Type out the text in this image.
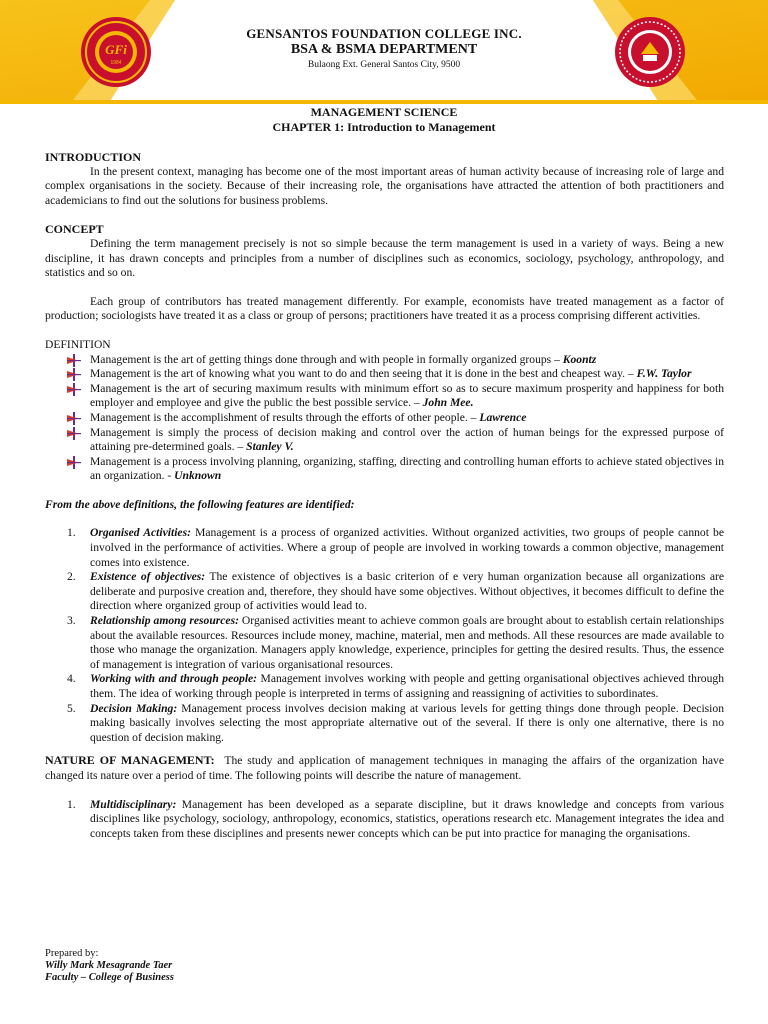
GFi
1984
GENSANTOS FOUNDATION COLLEGE INC.
BSA & BSMA DEPARTMENT
Bulaong Ext. General Santos City, 9500
MANAGEMENT SCIENCE
CHAPTER 1: Introduction to Management
INTRODUCTION

In the present context, managing has become one of the most important areas of human activity because of increasing role of large and complex organisations in the society. Because of their increasing role, the organisations have attracted the attention of both practitioners and academicians to find out the solutions for business problems.

CONCEPT

Defining the term management precisely is not so simple because the term management is used in a variety of ways. Being a new discipline, it has drawn concepts and principles from a number of disciplines such as economics, sociology, psychology, anthropology, and statistics and so on.

Each group of contributors has treated management differently. For example, economists have treated management as a factor of production; sociologists have treated it as a class or group of persons; practitioners have treated it as a process comprising different activities.

DEFINITION
Management is the art of getting things done through and with people in formally organized groups – Koontz
Management is the art of knowing what you want to do and then seeing that it is done in the best and cheapest way. – F.W. Taylor
Management is the art of securing maximum results with minimum effort so as to secure maximum prosperity and happiness for both employer and employee and give the public the best possible service. – John Mee.
Management is the accomplishment of results through the efforts of other people. – Lawrence
Management is simply the process of decision making and control over the action of human beings for the expressed purpose of attaining pre-determined goals. – Stanley V.
Management is a process involving planning, organizing, staffing, directing and controlling human efforts to achieve stated objectives in an organization. - Unknown
From the above definitions, the following features are identified:
1. Organised Activities: Management is a process of organized activities. Without organized activities, two groups of people cannot be involved in the performance of activities. Where a group of people are involved in working towards a common objective, management comes into existence.
2. Existence of objectives: The existence of objectives is a basic criterion of e very human organization because all organizations are deliberate and purposive creation and, therefore, they should have some objectives. Without objectives, it becomes difficult to define the direction where organized group of activities would lead to.
3. Relationship among resources: Organised activities meant to achieve common goals are brought about to establish certain relationships about the available resources. Resources include money, machine, material, men and methods. All these resources are made available to those who manage the organization. Managers apply knowledge, experience, principles for getting the desired results. Thus, the essence of management is integration of various organisational resources.
4. Working with and through people: Management involves working with people and getting organisational objectives achieved through them. The idea of working through people is interpreted in terms of assigning and reassigning of activities to subordinates.
5. Decision Making: Management process involves decision making at various levels for getting things done through people. Decision making basically involves selecting the most appropriate alternative out of the several. If there is only one alternative, there is no question of decision making.

NATURE OF MANAGEMENT: The study and application of management techniques in managing the affairs of the organization have changed its nature over a period of time. The following points will describe the nature of management.

1. Multidisciplinary: Management has been developed as a separate discipline, but it draws knowledge and concepts from various disciplines like psychology, sociology, anthropology, economics, statistics, operations research etc. Management integrates the idea and concepts taken from these disciplines and presents newer concepts which can be put into practice for managing the organisations.
Prepared by:
Willy Mark Mesagrande Taer
Faculty – College of Business
